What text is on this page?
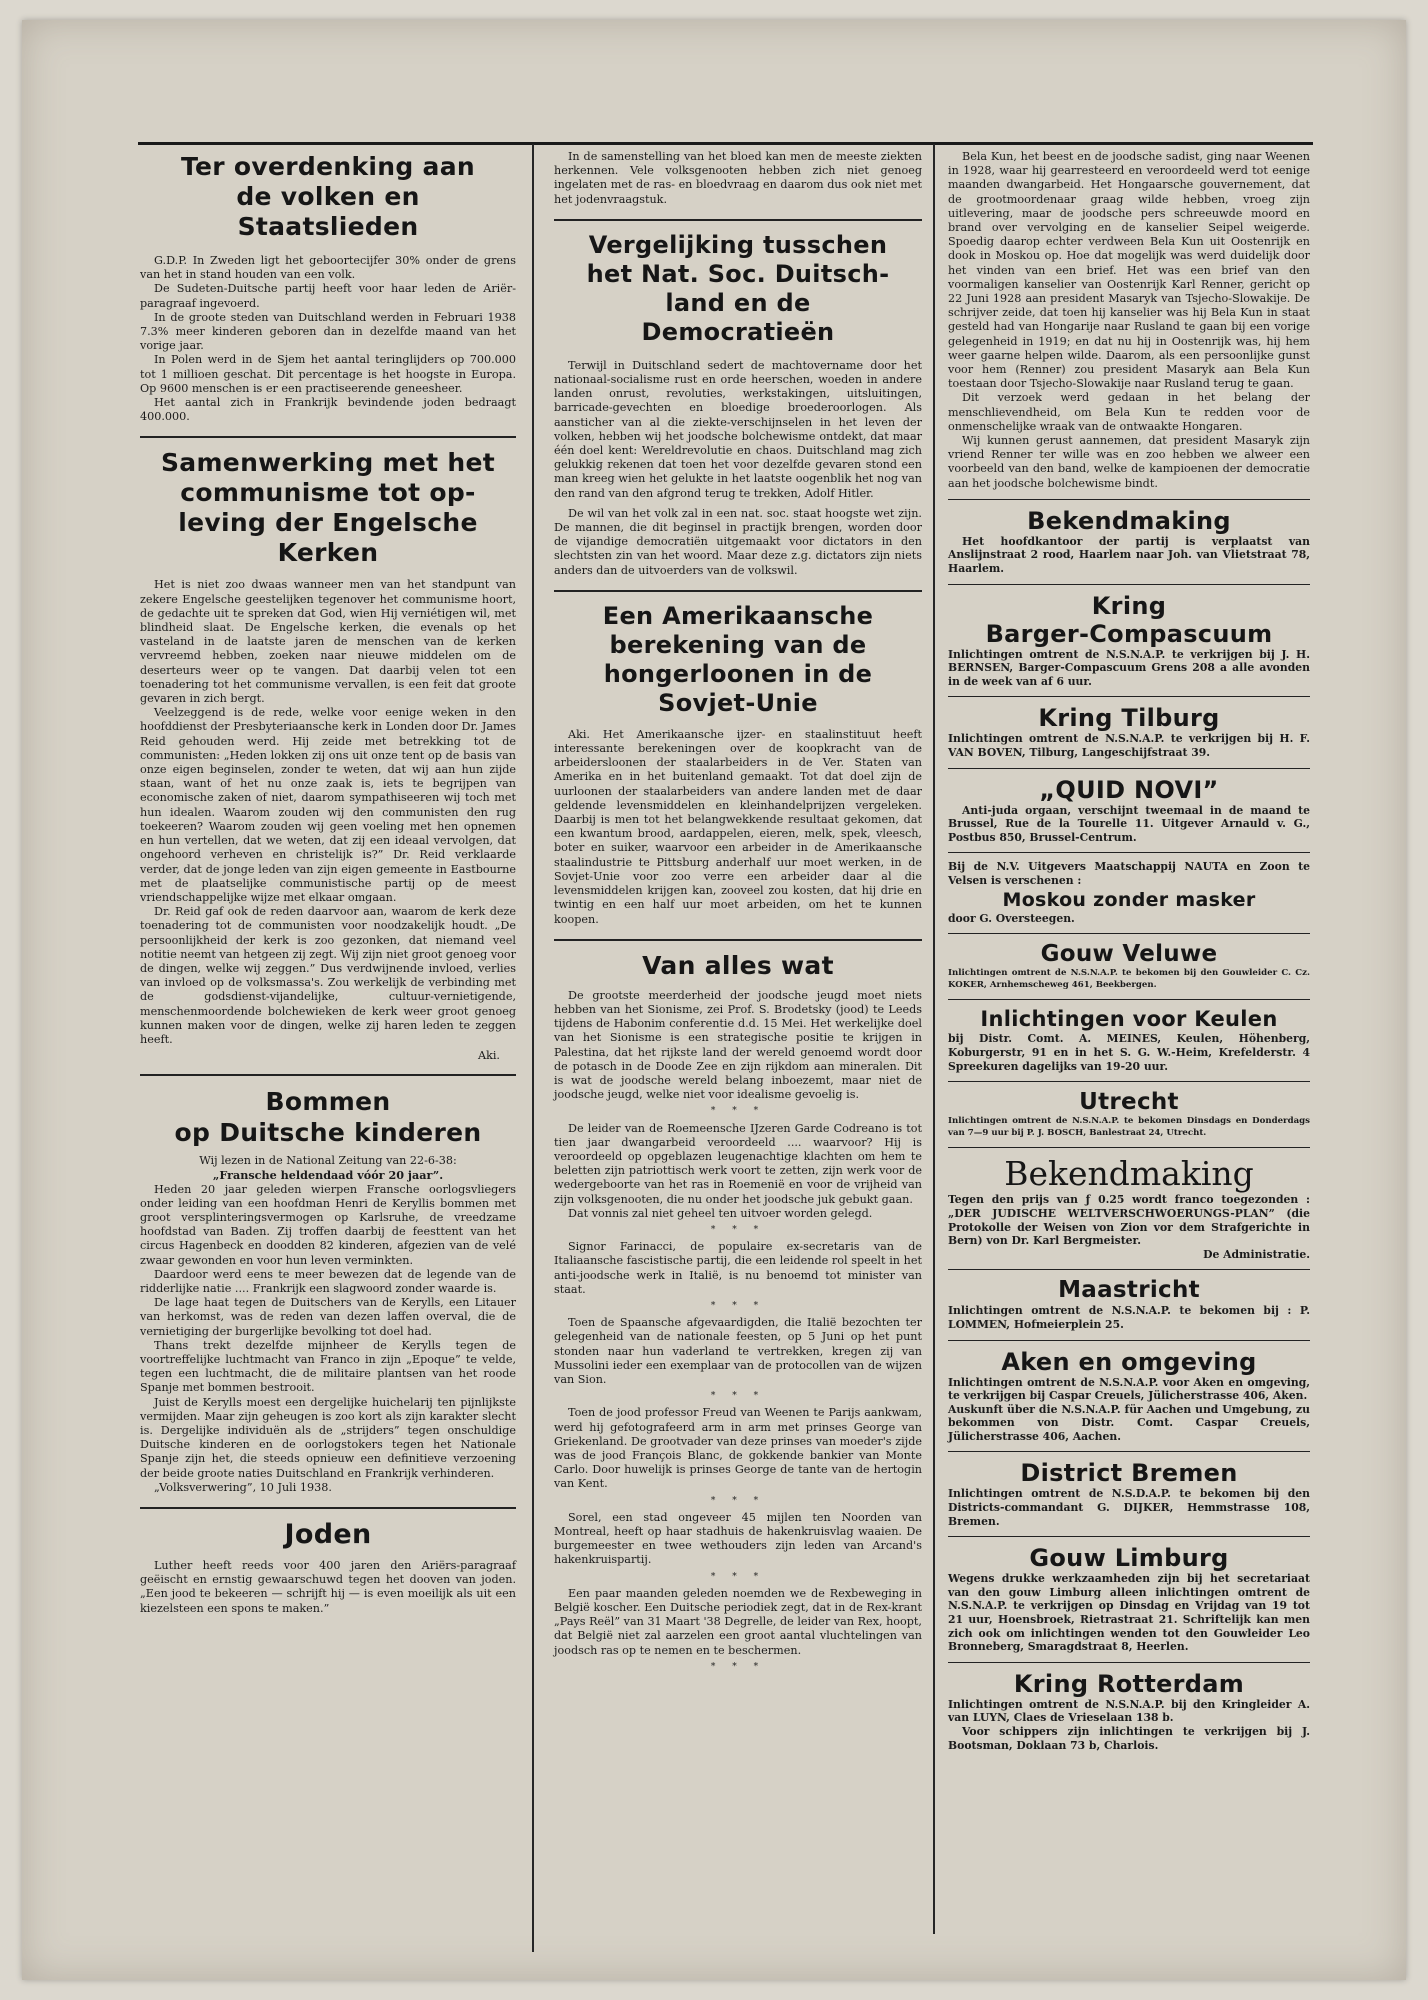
Ter overdenking aan
de volken en
Staatslieden

G.D.P. In Zweden ligt het geboortecijfer 30% onder de grens van het in stand houden van een volk.

De Sudeten-Duitsche partij heeft voor haar leden de Ariër-paragraaf ingevoerd.

In de groote steden van Duitschland werden in Februari 1938 7.3% meer kinderen geboren dan in dezelfde maand van het vorige jaar.

In Polen werd in de Sjem het aantal teringlijders op 700.000 tot 1 millioen geschat. Dit percentage is het hoogste in Europa. Op 9600 menschen is er een practiseerende geneesheer.

Het aantal zich in Frankrijk bevindende joden bedraagt 400.000.

Samenwerking met het
communisme tot op-
leving der Engelsche
Kerken

Het is niet zoo dwaas wanneer men van het standpunt van zekere Engelsche geestelijken tegenover het communisme hoort, de gedachte uit te spreken dat God, wien Hij verniétigen wil, met blindheid slaat. De Engelsche kerken, die evenals op het vasteland in de laatste jaren de menschen van de kerken vervreemd hebben, zoeken naar nieuwe middelen om de deserteurs weer op te vangen. Dat daarbij velen tot een toenadering tot het communisme vervallen, is een feit dat groote gevaren in zich bergt.

Veelzeggend is de rede, welke voor eenige weken in den hoofddienst der Presbyteriaansche kerk in Londen door Dr. James Reid gehouden werd. Hij zeide met betrekking tot de communisten: „Heden lokken zij ons uit onze tent op de basis van onze eigen beginselen, zonder te weten, dat wij aan hun zijde staan, want of het nu onze zaak is, iets te begrijpen van economische zaken of niet, daarom sympathiseeren wij toch met hun idealen. Waarom zouden wij den communisten den rug toekeeren? Waarom zouden wij geen voeling met hen opnemen en hun vertellen, dat we weten, dat zij een ideaal vervolgen, dat ongehoord verheven en christelijk is?” Dr. Reid verklaarde verder, dat de jonge leden van zijn eigen gemeente in Eastbourne met de plaatselijke communistische partij op de meest vriendschappelijke wijze met elkaar omgaan.

Dr. Reid gaf ook de reden daarvoor aan, waarom de kerk deze toenadering tot de communisten voor noodzakelijk houdt. „De persoonlijkheid der kerk is zoo gezonken, dat niemand veel notitie neemt van hetgeen zij zegt. Wij zijn niet groot genoeg voor de dingen, welke wij zeggen.” Dus verdwijnende invloed, verlies van invloed op de volksmassa's. Zou werkelijk de verbinding met de godsdienst-vijandelijke, cultuur-vernietigende, menschenmoordende bolchewieken de kerk weer groot genoeg kunnen maken voor de dingen, welke zij haren leden te zeggen heeft.

Aki.
Bommen
op Duitsche kinderen

Wij lezen in de National Zeitung van 22-6-38:

„Fransche heldendaad vóór 20 jaar”.

Heden 20 jaar geleden wierpen Fransche oorlogsvliegers onder leiding van een hoofdman Henri de Keryllis bommen met groot versplinteringsvermogen op Karlsruhe, de vreedzame hoofdstad van Baden. Zij troffen daarbij de feesttent van het circus Hagenbeck en doodden 82 kinderen, afgezien van de velé zwaar gewonden en voor hun leven verminkten.

Daardoor werd eens te meer bewezen dat de legende van de ridderlijke natie .... Frankrijk een slagwoord zonder waarde is.

De lage haat tegen de Duitschers van de Kerylls, een Litauer van herkomst, was de reden van dezen laffen overval, die de vernietiging der burgerlijke bevolking tot doel had.

Thans trekt dezelfde mijnheer de Kerylls tegen de voortreffelijke luchtmacht van Franco in zijn „Epoque” te velde, tegen een luchtmacht, die de militaire plantsen van het roode Spanje met bommen bestrooit.

Juist de Kerylls moest een dergelijke huichelarij ten pijnlijkste vermijden. Maar zijn geheugen is zoo kort als zijn karakter slecht is. Dergelijke individuën als de „strijders” tegen onschuldige Duitsche kinderen en de oorlogstokers tegen het Nationale Spanje zijn het, die steeds opnieuw een definitieve verzoening der beide groote naties Duitschland en Frankrijk verhinderen.

„Volksverwering”, 10 Juli 1938.

Joden

Luther heeft reeds voor 400 jaren den Ariërs-paragraaf geëischt en ernstig gewaarschuwd tegen het dooven van joden. „Een jood te bekeeren — schrijft hij — is even moeilijk als uit een kiezelsteen een spons te maken.”

In de samenstelling van het bloed kan men de meeste ziekten herkennen. Vele volksgenooten hebben zich niet genoeg ingelaten met de ras- en bloedvraag en daarom dus ook niet met het jodenvraagstuk.

Vergelijking tusschen
het Nat. Soc. Duitsch-
land en de
Democratieën

Terwijl in Duitschland sedert de machtovername door het nationaal-socialisme rust en orde heerschen, woeden in andere landen onrust, revoluties, werkstakingen, uitsluitingen, barricade-gevechten en bloedige broederoorlogen. Als aansticher van al die ziekte-verschijnselen in het leven der volken, hebben wij het joodsche bolchewisme ontdekt, dat maar één doel kent: Wereldrevolutie en chaos. Duitschland mag zich gelukkig rekenen dat toen het voor dezelfde gevaren stond een man kreeg wien het gelukte in het laatste oogenblik het nog van den rand van den afgrond terug te trekken, Adolf Hitler.

De wil van het volk zal in een nat. soc. staat hoogste wet zijn. De mannen, die dit beginsel in practijk brengen, worden door de vijandige democratiën uitgemaakt voor dictators in den slechtsten zin van het woord. Maar deze z.g. dictators zijn niets anders dan de uitvoerders van de volkswil.

Een Amerikaansche
berekening van de
hongerloonen in de
Sovjet-Unie

Aki. Het Amerikaansche ijzer- en staalinstituut heeft interessante berekeningen over de koopkracht van de arbeidersloonen der staalarbeiders in de Ver. Staten van Amerika en in het buitenland gemaakt. Tot dat doel zijn de uurloonen der staalarbeiders van andere landen met de daar geldende levensmiddelen en kleinhandelprijzen vergeleken. Daarbij is men tot het belangwekkende resultaat gekomen, dat een kwantum brood, aardappelen, eieren, melk, spek, vleesch, boter en suiker, waarvoor een arbeider in de Amerikaansche staalindustrie te Pittsburg anderhalf uur moet werken, in de Sovjet-Unie voor zoo verre een arbeider daar al die levensmiddelen krijgen kan, zooveel zou kosten, dat hij drie en twintig en een half uur moet arbeiden, om het te kunnen koopen.

Van alles wat

De grootste meerderheid der joodsche jeugd moet niets hebben van het Sionisme, zei Prof. S. Brodetsky (jood) te Leeds tijdens de Habonim conferentie d.d. 15 Mei. Het werkelijke doel van het Sionisme is een strategische positie te krijgen in Palestina, dat het rijkste land der wereld genoemd wordt door de potasch in de Doode Zee en zijn rijkdom aan mineralen. Dit is wat de joodsche wereld belang inboezemt, maar niet de joodsche jeugd, welke niet voor idealisme gevoelig is.

* * *

De leider van de Roemeensche IJzeren Garde Codreano is tot tien jaar dwangarbeid veroordeeld .... waarvoor? Hij is veroordeeld op opgeblazen leugenachtige klachten om hem te beletten zijn patriottisch werk voort te zetten, zijn werk voor de wedergeboorte van het ras in Roemenië en voor de vrijheid van zijn volksgenooten, die nu onder het joodsche juk gebukt gaan.

Dat vonnis zal niet geheel ten uitvoer worden gelegd.

* * *

Signor Farinacci, de populaire ex-secretaris van de Italiaansche fascistische partij, die een leidende rol speelt in het anti-joodsche werk in Italië, is nu benoemd tot minister van staat.

* * *

Toen de Spaansche afgevaardigden, die Italië bezochten ter gelegenheid van de nationale feesten, op 5 Juni op het punt stonden naar hun vaderland te vertrekken, kregen zij van Mussolini ieder een exemplaar van de protocollen van de wijzen van Sion.

* * *

Toen de jood professor Freud van Weenen te Parijs aankwam, werd hij gefotografeerd arm in arm met prinses George van Griekenland. De grootvader van deze prinses van moeder's zijde was de jood François Blanc, de gokkende bankier van Monte Carlo. Door huwelijk is prinses George de tante van de hertogin van Kent.

* * *

Sorel, een stad ongeveer 45 mijlen ten Noorden van Montreal, heeft op haar stadhuis de hakenkruisvlag waaien. De burgemeester en twee wethouders zijn leden van Arcand's hakenkruispartij.

* * *

Een paar maanden geleden noemden we de Rexbeweging in België koscher. Een Duitsche periodiek zegt, dat in de Rex-krant „Pays Reël” van 31 Maart '38 Degrelle, de leider van Rex, hoopt, dat België niet zal aarzelen een groot aantal vluchtelingen van joodsch ras op te nemen en te beschermen.

* * *

Bela Kun, het beest en de joodsche sadist, ging naar Weenen in 1928, waar hij gearresteerd en veroordeeld werd tot eenige maanden dwangarbeid. Het Hongaarsche gouvernement, dat de grootmoordenaar graag wilde hebben, vroeg zijn uitlevering, maar de joodsche pers schreeuwde moord en brand over vervolging en de kanselier Seipel weigerde. Spoedig daarop echter verdween Bela Kun uit Oostenrijk en dook in Moskou op. Hoe dat mogelijk was werd duidelijk door het vinden van een brief. Het was een brief van den voormaligen kanselier van Oostenrijk Karl Renner, gericht op 22 Juni 1928 aan president Masaryk van Tsjecho-Slowakije. De schrijver zeide, dat toen hij kanselier was hij Bela Kun in staat gesteld had van Hongarije naar Rusland te gaan bij een vorige gelegenheid in 1919; en dat nu hij in Oostenrijk was, hij hem weer gaarne helpen wilde. Daarom, als een persoonlijke gunst voor hem (Renner) zou president Masaryk aan Bela Kun toestaan door Tsjecho-Slowakije naar Rusland terug te gaan.

Dit verzoek werd gedaan in het belang der menschlievendheid, om Bela Kun te redden voor de onmenschelijke wraak van de ontwaakte Hongaren.

Wij kunnen gerust aannemen, dat president Masaryk zijn vriend Renner ter wille was en zoo hebben we alweer een voorbeeld van den band, welke de kampioenen der democratie aan het joodsche bolchewisme bindt.

Bekendmaking

Het hoofdkantoor der partij is verplaatst van Anslijnstraat 2 rood, Haarlem naar Joh. van Vlietstraat 78, Haarlem.

Kring
Barger-Compascuum

Inlichtingen omtrent de N.S.N.A.P. te verkrijgen bij J. H. BERNSEN, Barger-Compascuum Grens 208 a alle avonden in de week van af 6 uur.

Kring Tilburg

Inlichtingen omtrent de N.S.N.A.P. te verkrijgen bij H. F. VAN BOVEN, Tilburg, Langeschijfstraat 39.

„QUID NOVI”

Anti-juda orgaan, verschijnt tweemaal in de maand te Brussel, Rue de la Tourelle 11. Uitgever Arnauld v. G., Postbus 850, Brussel-Centrum.

Bij de N.V. Uitgevers Maatschappij NAUTA en Zoon te Velsen is verschenen :

Moskou zonder masker

door G. Oversteegen.

Gouw Veluwe

Inlichtingen omtrent de N.S.N.A.P. te bekomen bij den Gouwleider C. Cz. KOKER, Arnhemscheweg 461, Beekbergen.

Inlichtingen voor Keulen

bij Distr. Comt. A. MEINES, Keulen, Höhenberg, Koburgerstr, 91 en in het S. G. W.-Heim, Krefelderstr. 4 Spreekuren dagelijks van 19-20 uur.

Utrecht

Inlichtingen omtrent de N.S.N.A.P. te bekomen Dinsdags en Donderdags van 7—9 uur bij P. J. BOSCH, Banlestraat 24, Utrecht.

Bekendmaking

Tegen den prijs van ƒ 0.25 wordt franco toegezonden : „DER JUDISCHE WELTVERSCHWOERUNGS-PLAN” (die Protokolle der Weisen von Zion vor dem Strafgerichte in Bern) von Dr. Karl Bergmeister.

De Administratie.

Maastricht

Inlichtingen omtrent de N.S.N.A.P. te bekomen bij : P. LOMMEN, Hofmeierplein 25.

Aken en omgeving

Inlichtingen omtrent de N.S.N.A.P. voor Aken en omgeving, te verkrijgen bij Caspar Creuels, Jülicherstrasse 406, Aken.

Auskunft über die N.S.N.A.P. für Aachen und Umgebung, zu bekommen von Distr. Comt. Caspar Creuels, Jülicherstrasse 406, Aachen.

District Bremen

Inlichtingen omtrent de N.S.D.A.P. te bekomen bij den Districts-commandant G. DIJKER, Hemmstrasse 108, Bremen.

Gouw Limburg

Wegens drukke werkzaamheden zijn bij het secretariaat van den gouw Limburg alleen inlichtingen omtrent de N.S.N.A.P. te verkrijgen op Dinsdag en Vrijdag van 19 tot 21 uur, Hoensbroek, Rietrastraat 21. Schriftelijk kan men zich ook om inlichtingen wenden tot den Gouwleider Leo Bronneberg, Smaragdstraat 8, Heerlen.

Kring Rotterdam

Inlichtingen omtrent de N.S.N.A.P. bij den Kringleider A. van LUYN, Claes de Vrieselaan 138 b.

Voor schippers zijn inlichtingen te verkrijgen bij J. Bootsman, Doklaan 73 b, Charlois.
